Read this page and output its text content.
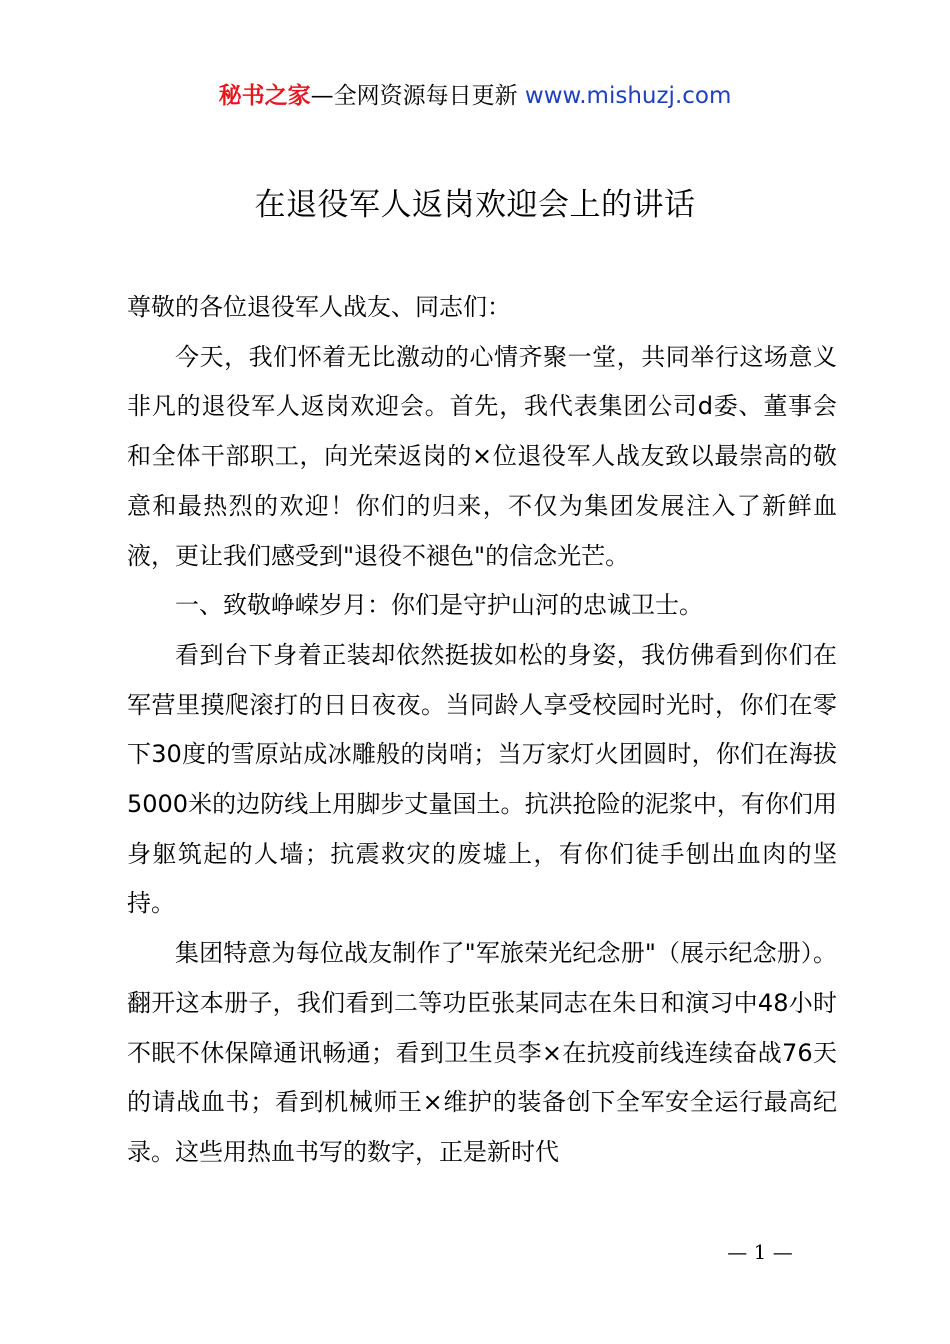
秘书之家—全网资源每日更新 www.mishuzj.com
在退役军人返岗欢迎会上的讲话

尊敬的各位退役军人战友、同志们：

今天，我们怀着无比激动的心情齐聚一堂，共同举行这场意义非凡的退役军人返岗欢迎会。首先，我代表集团公司d委、董事会和全体干部职工，向光荣返岗的×位退役军人战友致以最崇高的敬意和最热烈的欢迎！你们的归来，不仅为集团发展注入了新鲜血液，更让我们感受到"退役不褪色"的信念光芒。

一、致敬峥嵘岁月：你们是守护山河的忠诚卫士。

看到台下身着正装却依然挺拔如松的身姿，我仿佛看到你们在军营里摸爬滚打的日日夜夜。当同龄人享受校园时光时，你们在零下30度的雪原站成冰雕般的岗哨；当万家灯火团圆时，你们在海拔5000米的边防线上用脚步丈量国土。抗洪抢险的泥浆中，有你们用身躯筑起的人墙；抗震救灾的废墟上，有你们徒手刨出血肉的坚持。

集团特意为每位战友制作了"军旅荣光纪念册"（展示纪念册）。翻开这本册子，我们看到二等功臣张某同志在朱日和演习中48小时不眠不休保障通讯畅通；看到卫生员李×在抗疫前线连续奋战76天的请战血书；看到机械师王×维护的装备创下全军安全运行最高纪录。这些用热血书写的数字，正是新时代

— 1 —
